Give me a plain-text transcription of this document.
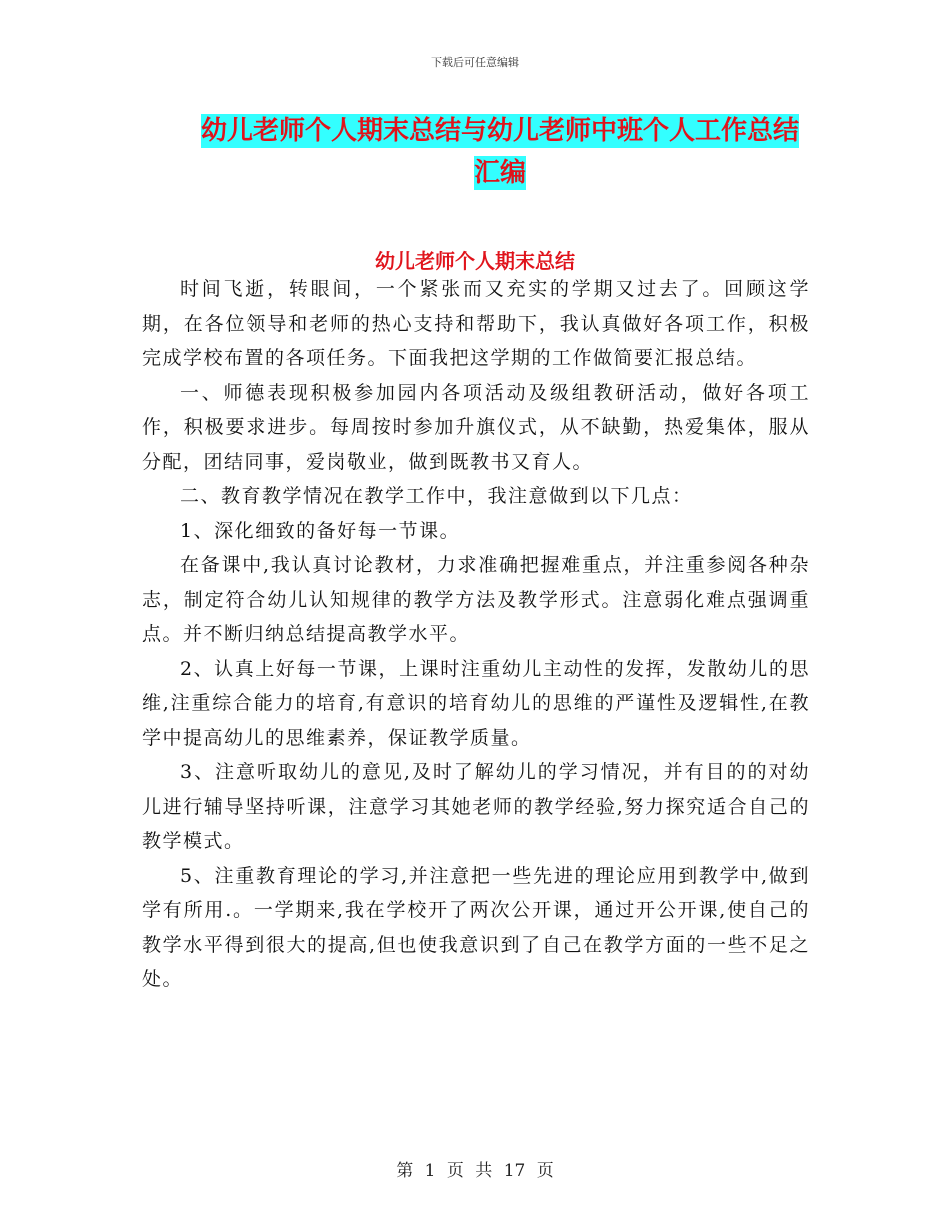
下载后可任意编辑
幼儿老师个人期末总结与幼儿老师中班个人工作总结
汇编
幼儿老师个人期末总结

时间飞逝，转眼间，一个紧张而又充实的学期又过去了。回顾这学期，在各位领导和老师的热心支持和帮助下，我认真做好各项工作，积极完成学校布置的各项任务。下面我把这学期的工作做简要汇报总结。

一、师德表现积极参加园内各项活动及级组教研活动，做好各项工作，积极要求进步。每周按时参加升旗仪式，从不缺勤，热爱集体，服从分配，团结同事，爱岗敬业，做到既教书又育人。

二、教育教学情况在教学工作中，我注意做到以下几点：

1、深化细致的备好每一节课。

在备课中,我认真讨论教材，力求准确把握难重点，并注重参阅各种杂志，制定符合幼儿认知规律的教学方法及教学形式。注意弱化难点强调重点。并不断归纳总结提高教学水平。

2、认真上好每一节课，上课时注重幼儿主动性的发挥，发散幼儿的思维,注重综合能力的培育,有意识的培育幼儿的思维的严谨性及逻辑性,在教学中提高幼儿的思维素养，保证教学质量。

3、注意听取幼儿的意见,及时了解幼儿的学习情况，并有目的的对幼儿进行辅导坚持听课，注意学习其她老师的教学经验,努力探究适合自己的教学模式。

5、注重教育理论的学习,并注意把一些先进的理论应用到教学中,做到学有所用.。一学期来,我在学校开了两次公开课，通过开公开课,使自己的教学水平得到很大的提高,但也使我意识到了自己在教学方面的一些不足之处。

第 1 页 共 17 页
